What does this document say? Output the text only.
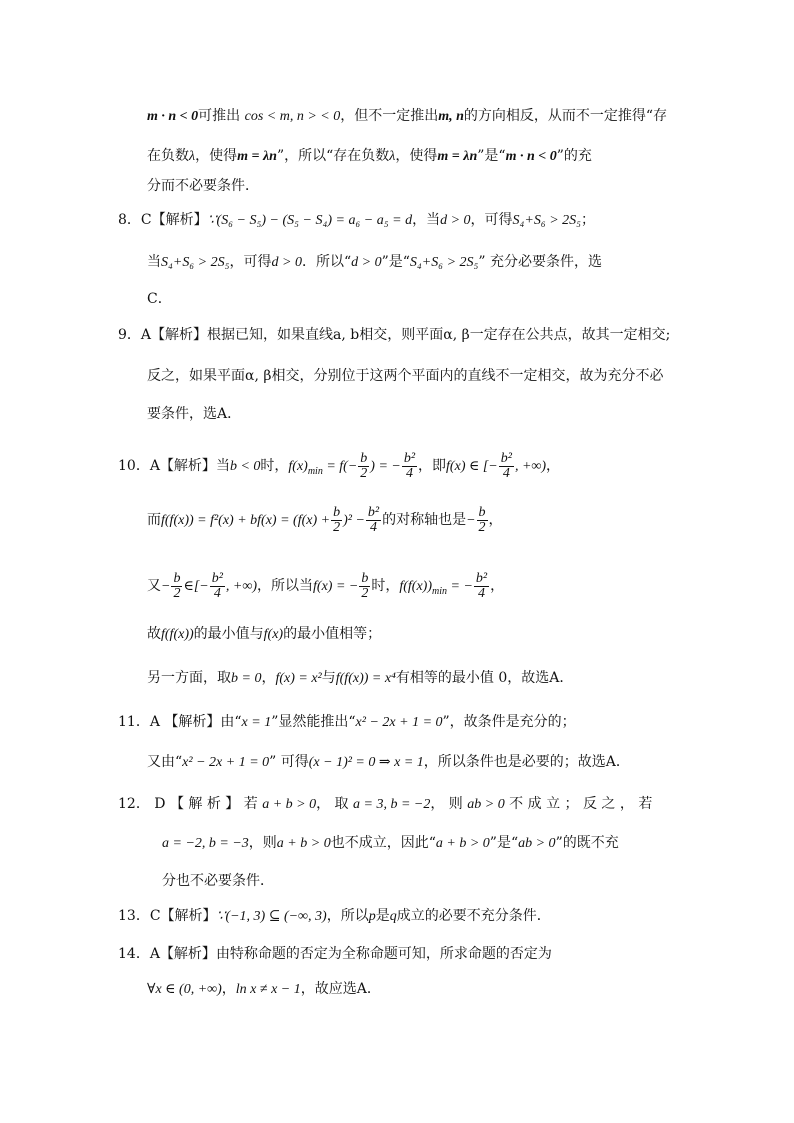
m · n < 0可推出 cos < m, n > < 0，但不一定推出m, n的方向相反，从而不一定推得“存
在负数λ，使得m = λn”，所以“存在负数λ，使得m = λn”是“m · n < 0”的充
分而不必要条件．
8．C【解析】∵(S₆ − S₅) − (S₅ − S₄) = a₆ − a₅ = d，当d > 0，可得S₄+S₆ > 2S₅；
当S₄+S₆ > 2S₅，可得d > 0．所以“d > 0”是“S₄+S₆ > 2S₅” 充分必要条件，选
C．
9．A【解析】根据已知，如果直线a, b相交，则平面α, β一定存在公共点，故其一定相交;
反之，如果平面α, β相交，分别位于这两个平面内的直线不一定相交，故为充分不必
要条件，选A．
10．A【解析】当b < 0时，$f(x)_{min} = f(- \frac{b}{2}$ ) = − $\frac{\text{b²}}{4}$ ，即f(x) ∈ [− $\frac{\text{b²}}{4}$ , +∞)，
而$f(f(x)) = f^2(x) + bf(x) = (f(x) + \frac{b}{2} )^2 - \frac{\text{b²}}{4}$ 的对称轴也是− $\frac{b}{2}$ ，
又− $\frac{b}{2}$ ∈[− $\frac{\text{b²}}{4}$ , +∞)，所以当f(x) = − $\frac{b}{2}$ 时，$f(f(x))_{min}$ = − $\frac{\text{b²}}{4}$ ，
故f(f(x))的最小值与f(x)的最小值相等；
另一方面，取b = 0，f(x) = x²与f(f(x)) = x⁴有相等的最小值 0，故选A．
11．A 【解析】由“x = 1”显然能推出“x² − 2x + 1 = 0”，故条件是充分的；
又由“x² − 2x + 1 = 0” 可得(x − 1)² = 0 ⇒ x = 1，所以条件也是必要的；故选A．
12． D 【 解 析 】 若 a + b > 0， 取 a = 3, b = −2， 则 ab > 0 不 成 立 ； 反 之 ， 若
a = −2, b = −3，则a + b > 0也不成立，因此“a + b > 0”是“ab > 0”的既不充
分也不必要条件．
13．C【解析】∵(−1, 3) ⊆ (−∞, 3)，所以p是q成立的必要不充分条件．
14．A【解析】由特称命题的否定为全称命题可知，所求命题的否定为
∀x ∈ (0, +∞)，ln x ≠ x − 1，故应选A．
